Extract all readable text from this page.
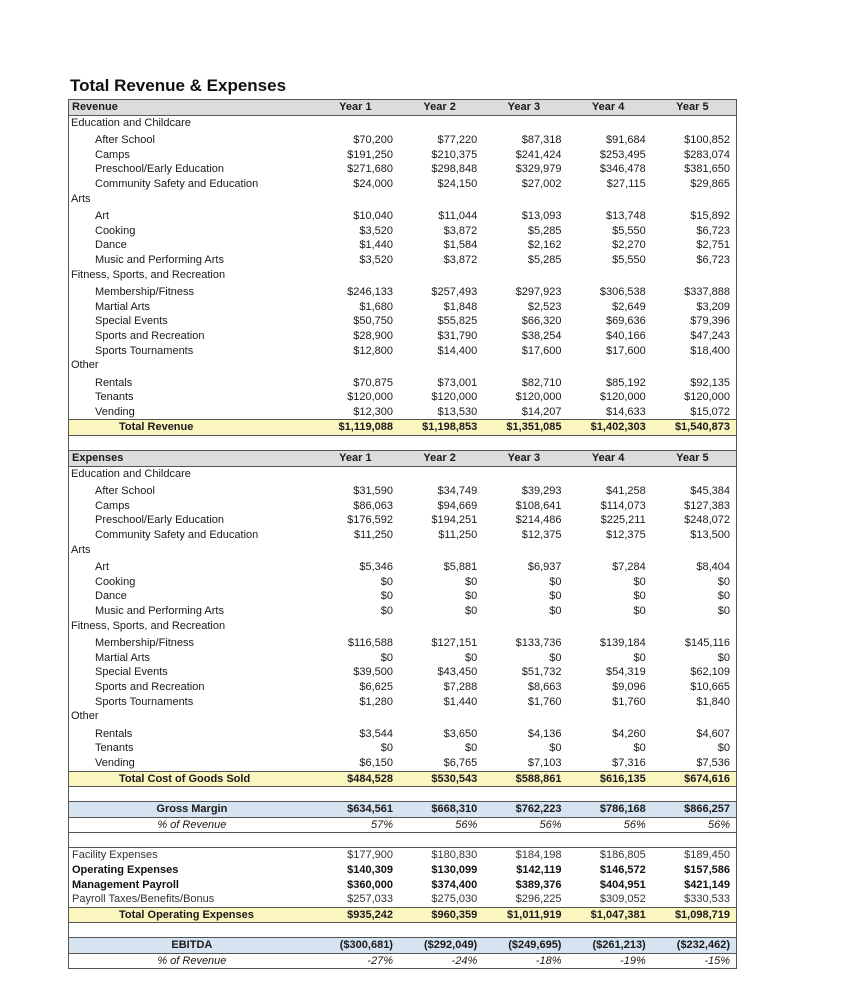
Total Revenue & Expenses
Revenue	Year 1	Year 2	Year 3	Year 4	Year 5
Education and Childcare					
After School	$70,200	$77,220	$87,318	$91,684	$100,852
Camps	$191,250	$210,375	$241,424	$253,495	$283,074
Preschool/Early Education	$271,680	$298,848	$329,979	$346,478	$381,650
Community Safety and Education	$24,000	$24,150	$27,002	$27,115	$29,865
Arts					
Art	$10,040	$11,044	$13,093	$13,748	$15,892
Cooking	$3,520	$3,872	$5,285	$5,550	$6,723
Dance	$1,440	$1,584	$2,162	$2,270	$2,751
Music and Performing Arts	$3,520	$3,872	$5,285	$5,550	$6,723
Fitness, Sports, and Recreation					
Membership/Fitness	$246,133	$257,493	$297,923	$306,538	$337,888
Martial Arts	$1,680	$1,848	$2,523	$2,649	$3,209
Special Events	$50,750	$55,825	$66,320	$69,636	$79,396
Sports and Recreation	$28,900	$31,790	$38,254	$40,166	$47,243
Sports Tournaments	$12,800	$14,400	$17,600	$17,600	$18,400
Other					
Rentals	$70,875	$73,001	$82,710	$85,192	$92,135
Tenants	$120,000	$120,000	$120,000	$120,000	$120,000
Vending	$12,300	$13,530	$14,207	$14,633	$15,072
Total Revenue	$1,119,088	$1,198,853	$1,351,085	$1,402,303	$1,540,873

Expenses	Year 1	Year 2	Year 3	Year 4	Year 5
Education and Childcare					
After School	$31,590	$34,749	$39,293	$41,258	$45,384
Camps	$86,063	$94,669	$108,641	$114,073	$127,383
Preschool/Early Education	$176,592	$194,251	$214,486	$225,211	$248,072
Community Safety and Education	$11,250	$11,250	$12,375	$12,375	$13,500
Arts					
Art	$5,346	$5,881	$6,937	$7,284	$8,404
Cooking	$0	$0	$0	$0	$0
Dance	$0	$0	$0	$0	$0
Music and Performing Arts	$0	$0	$0	$0	$0
Fitness, Sports, and Recreation					
Membership/Fitness	$116,588	$127,151	$133,736	$139,184	$145,116
Martial Arts	$0	$0	$0	$0	$0
Special Events	$39,500	$43,450	$51,732	$54,319	$62,109
Sports and Recreation	$6,625	$7,288	$8,663	$9,096	$10,665
Sports Tournaments	$1,280	$1,440	$1,760	$1,760	$1,840
Other					
Rentals	$3,544	$3,650	$4,136	$4,260	$4,607
Tenants	$0	$0	$0	$0	$0
Vending	$6,150	$6,765	$7,103	$7,316	$7,536
Total Cost of Goods Sold	$484,528	$530,543	$588,861	$616,135	$674,616

Gross Margin	$634,561	$668,310	$762,223	$786,168	$866,257
% of Revenue	57%	56%	56%	56%	56%

Facility Expenses	$177,900	$180,830	$184,198	$186,805	$189,450
Operating Expenses	$140,309	$130,099	$142,119	$146,572	$157,586
Management Payroll	$360,000	$374,400	$389,376	$404,951	$421,149
Payroll Taxes/Benefits/Bonus	$257,033	$275,030	$296,225	$309,052	$330,533
Total Operating Expenses	$935,242	$960,359	$1,011,919	$1,047,381	$1,098,719

EBITDA	($300,681)	($292,049)	($249,695)	($261,213)	($232,462)
% of Revenue	-27%	-24%	-18%	-19%	-15%
